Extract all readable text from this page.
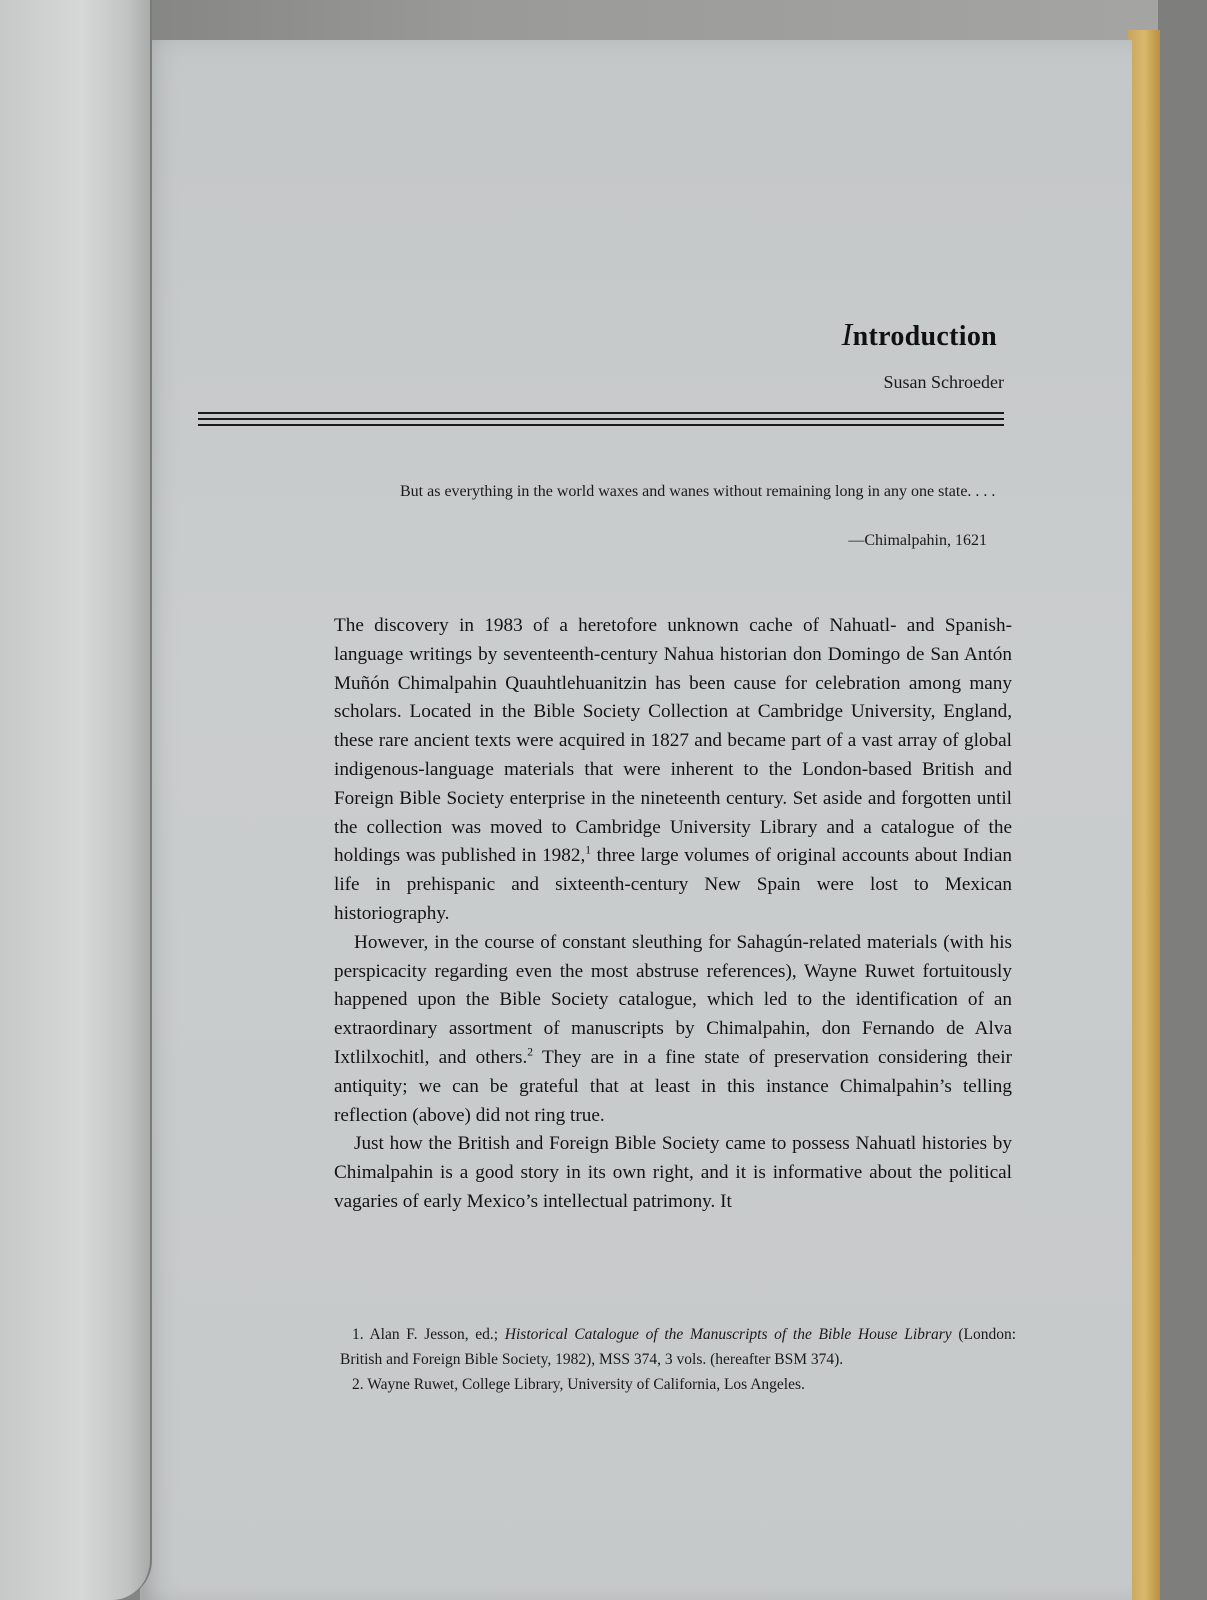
Introduction
Susan Schroeder
But as everything in the world waxes and wanes without remaining long in any one state. . . .
—Chimalpahin, 1621

The discovery in 1983 of a heretofore unknown cache of Nahuatl- and Spanish-language writings by seventeenth-century Nahua historian don Domingo de San Antón Muñón Chimalpahin Quauhtlehuanitzin has been cause for celebration among many scholars. Located in the Bible Society Collection at Cambridge University, England, these rare ancient texts were acquired in 1827 and became part of a vast array of global indigenous-language materials that were inherent to the London-based British and Foreign Bible Society enterprise in the nineteenth century. Set aside and forgotten until the collection was moved to Cambridge University Library and a catalogue of the holdings was published in 1982,$^1$ three large volumes of original accounts about Indian life in prehispanic and sixteenth-century New Spain were lost to Mexican historiography.

However, in the course of constant sleuthing for Sahagún-related materials (with his perspicacity regarding even the most abstruse references), Wayne Ruwet fortuitously happened upon the Bible Society catalogue, which led to the identification of an extraordinary assortment of manuscripts by Chimalpahin, don Fernando de Alva Ixtlilxochitl, and others.$^2$ They are in a fine state of preservation considering their antiquity; we can be grateful that at least in this instance Chimalpahin’s telling reflection (above) did not ring true.

Just how the British and Foreign Bible Society came to possess Nahuatl histories by Chimalpahin is a good story in its own right, and it is informative about the political vagaries of early Mexico’s intellectual patrimony. It

1. Alan F. Jesson, ed.; Historical Catalogue of the Manuscripts of the Bible House Library (London: British and Foreign Bible Society, 1982), MSS 374, 3 vols. (hereafter BSM 374).

2. Wayne Ruwet, College Library, University of California, Los Angeles.
